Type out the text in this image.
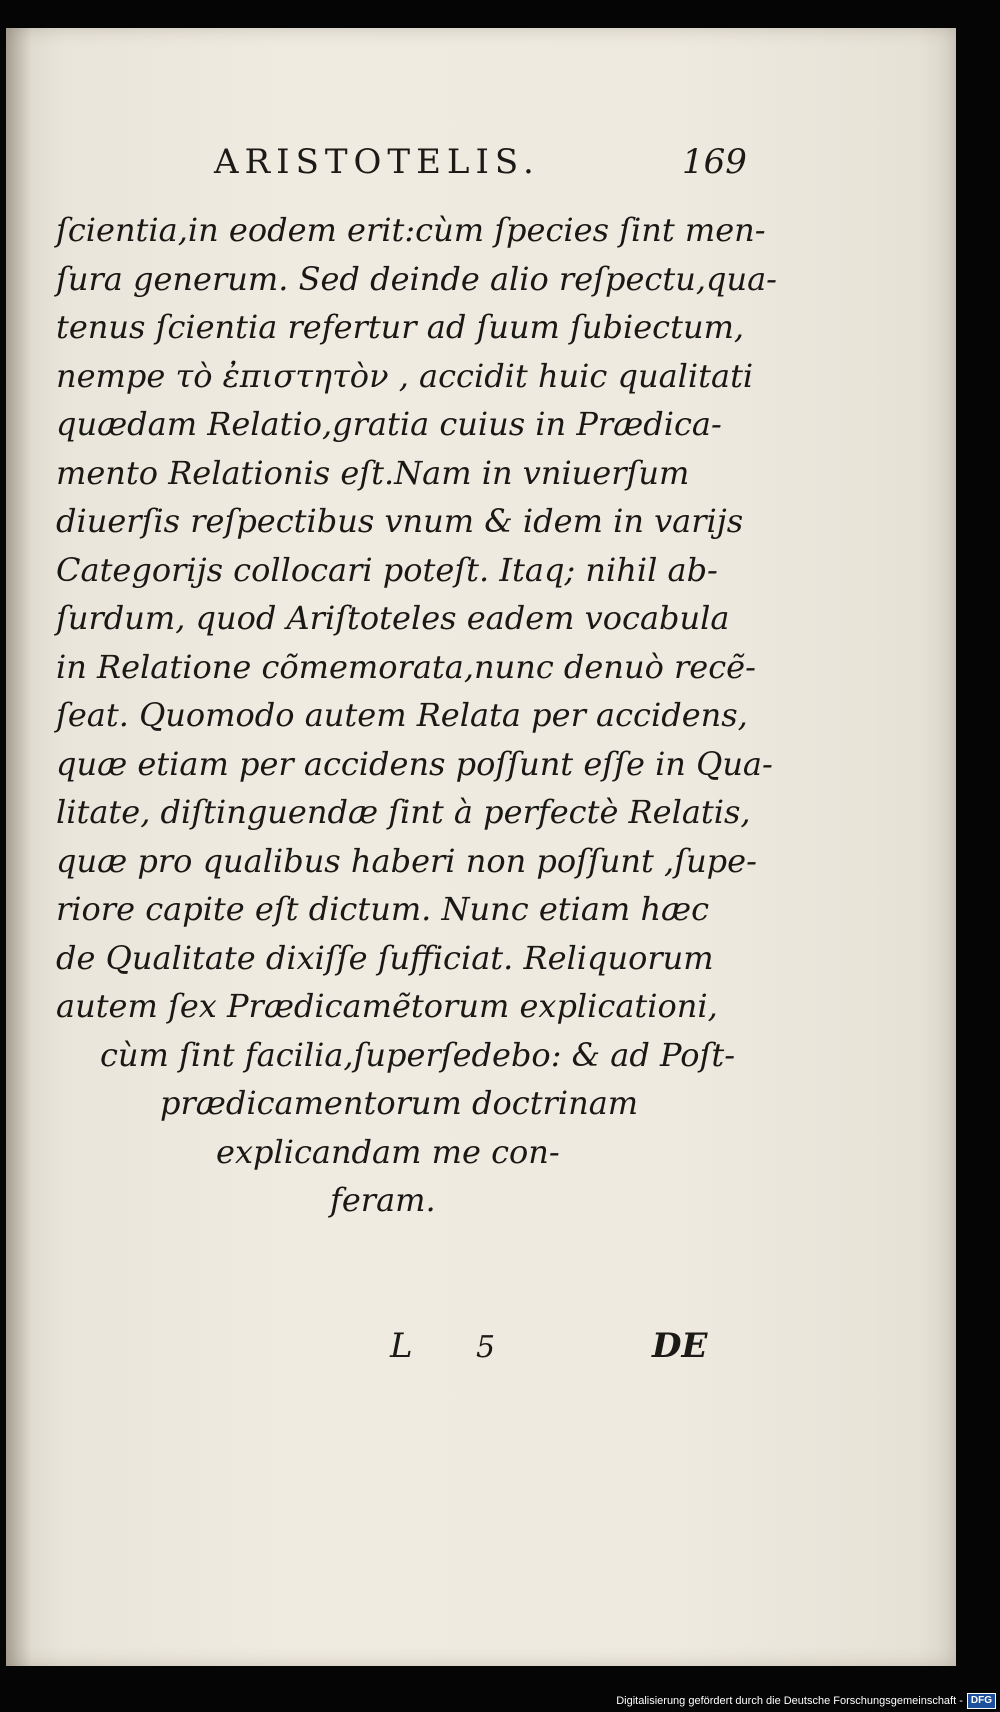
ARISTOTELIS.	169
ſcientia,in eodem erit:cùm ſpecies ſint men-
ſura generum. Sed deinde alio reſpectu,qua-
tenus ſcientia refertur ad ſuum ſubiectum,
nempe τὸ ἐπιστητὸν , accidit huic qualitati
quædam Relatio,gratia cuius in Prædica-
mento Relationis eſt.Nam in vniuerſum
diuerſis reſpectibus vnum & idem in varijs
Categorijs collocari poteſt. Itaq; nihil ab-
ſurdum, quod Ariſtoteles eadem vocabula
in Relatione cõmemorata,nunc denuò recẽ-
ſeat. Quomodo autem Relata per accidens,
quæ etiam per accidens poſſunt eſſe in Qua-
litate, diſtinguendæ ſint à perfectè Relatis,
quæ pro qualibus haberi non poſſunt ,ſupe-
riore capite eſt dictum. Nunc etiam hæc
de Qualitate dixiſſe ſufficiat. Reliquorum
autem ſex Prædicamẽtorum explicationi,
cùm ſint facilia,ſuperſedebo: & ad Poſt-
prædicamentorum doctrinam
explicandam me con-
feram.
L 5	DE
Digitalisierung gefördert durch die Deutsche Forschungsgemeinschaft - DFG
